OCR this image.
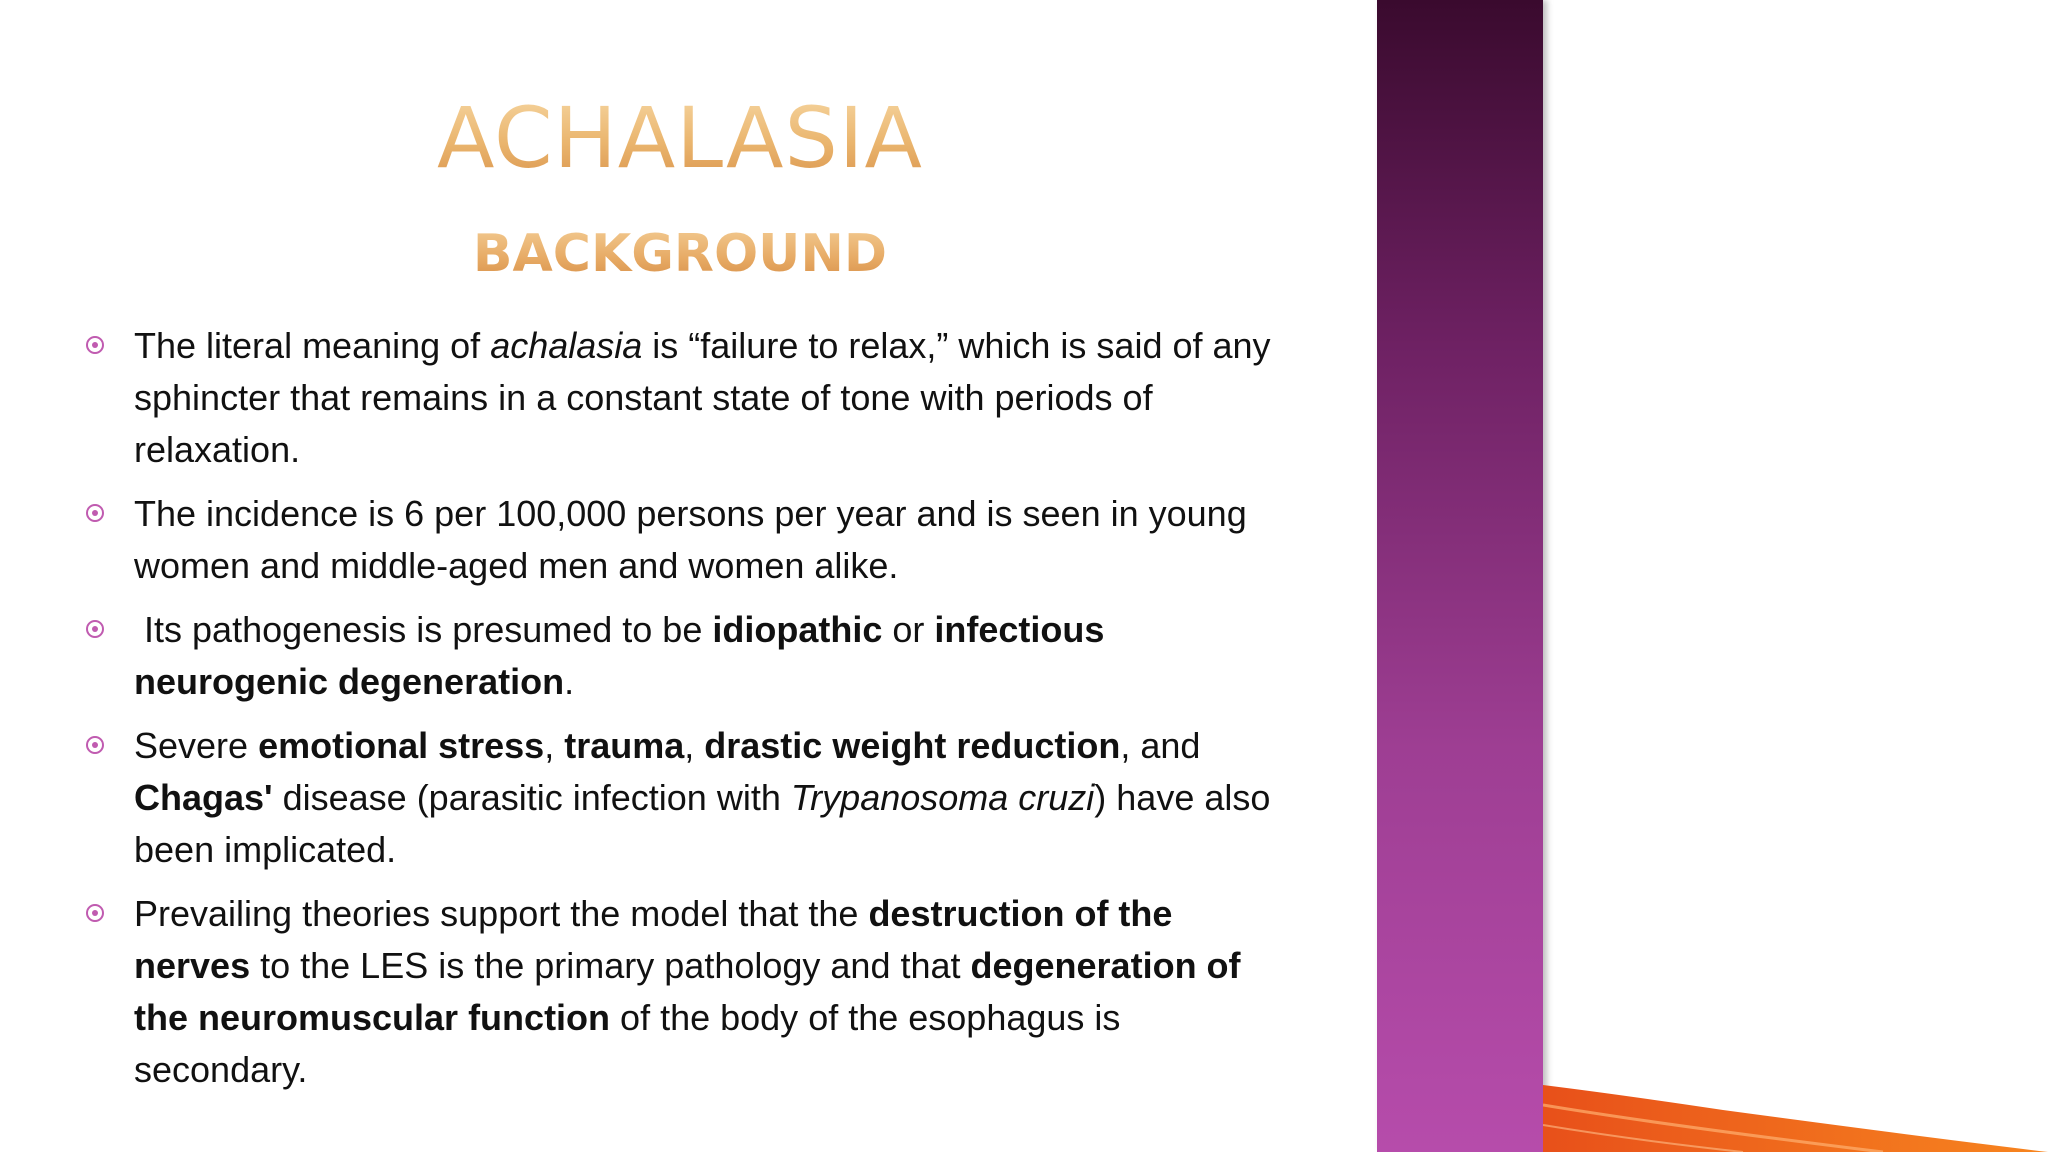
ACHALASIA
BACKGROUND
The literal meaning of achalasia is “failure to relax,” which is said of any sphincter that remains in a constant state of tone with periods of relaxation.
The incidence is 6 per 100,000 persons per year and is seen in young women and middle-aged men and women alike.
Its pathogenesis is presumed to be idiopathic or infectious neurogenic degeneration.
Severe emotional stress, trauma, drastic weight reduction, and Chagas' disease (parasitic infection with Trypanosoma cruzi) have also been implicated.
Prevailing theories support the model that the destruction of the nerves to the LES is the primary pathology and that degeneration of the neuromuscular function of the body of the esophagus is secondary.
